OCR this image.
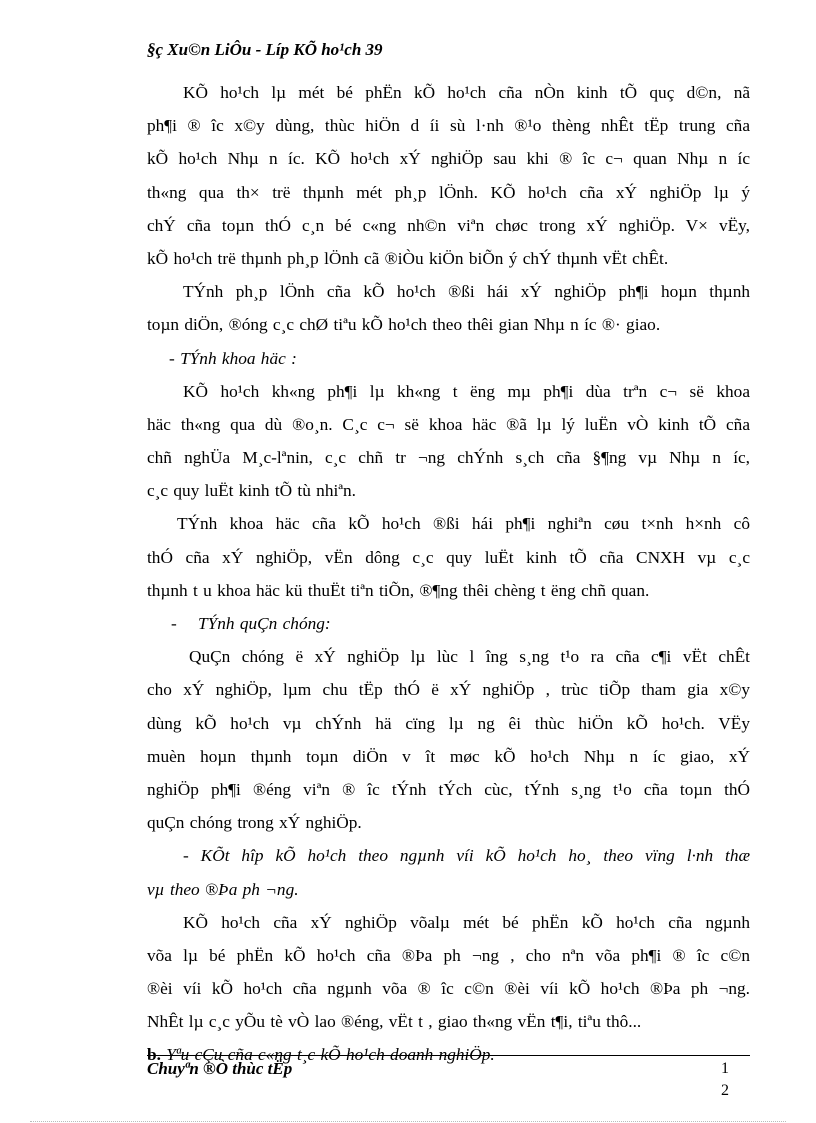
§ç Xu©n LiÔu - Líp KÕ ho¹ch 39
KÕ ho¹ch lµ mét bé phËn kÕ ho¹ch cña nÒn kinh tÕ quç d©n, nã
ph¶i ® îc x©y dùng, thùc hiÖn d íi sù l·nh ®¹o thèng nhÊt tËp trung cña
kÕ ho¹ch Nhµ n íc. KÕ ho¹ch xÝ nghiÖp sau khi ® îc c¬ quan Nhµ n íc
th«ng qua th× trë thµnh mét ph¸p lÖnh. KÕ ho¹ch cña xÝ nghiÖp lµ ý
chÝ cña toµn thÓ c¸n bé c«ng nh©n viªn chøc trong xÝ nghiÖp. V× vËy,
kÕ ho¹ch trë thµnh ph¸p lÖnh cã ®iÒu kiÖn biÕn ý chÝ thµnh vËt chÊt.
TÝnh ph¸p lÖnh cña kÕ ho¹ch ®ßi hái xÝ nghiÖp ph¶i hoµn thµnh
toµn diÖn, ®óng c¸c chØ tiªu kÕ ho¹ch theo thêi gian Nhµ n íc ®· giao.
- TÝnh khoa häc :
KÕ ho¹ch kh«ng ph¶i lµ kh«ng t ëng mµ ph¶i dùa trªn c¬ së khoa
häc th«ng qua dù ®o¸n. C¸c c¬ së khoa häc ®ã lµ lý luËn vÒ kinh tÕ cña
chñ nghÜa M¸c-lªnin, c¸c chñ tr ¬ng chÝnh s¸ch cña §¶ng vµ Nhµ n íc,
c¸c quy luËt kinh tÕ tù nhiªn.
TÝnh khoa häc cña kÕ ho¹ch ®ßi hái ph¶i nghiªn cøu t×nh h×nh cô
thÓ cña xÝ nghiÖp, vËn dông c¸c quy luËt kinh tÕ cña CNXH vµ c¸c
thµnh t u khoa häc kü thuËt tiªn tiÕn, ®¶ng thêi chèng t ëng chñ quan.
-    TÝnh quÇn chóng:
QuÇn chóng ë xÝ nghiÖp lµ lùc l îng s¸ng t¹o ra cña c¶i vËt chÊt
cho xÝ nghiÖp, lµm chu tËp thÓ ë xÝ nghiÖp , trùc tiÕp tham gia x©y
dùng kÕ ho¹ch vµ chÝnh hä cïng lµ ng êi thùc hiÖn kÕ ho¹ch. VËy
muèn hoµn thµnh toµn diÖn v ît møc kÕ ho¹ch Nhµ n íc giao, xÝ
nghiÖp ph¶i ®éng viªn ® îc tÝnh tÝch cùc, tÝnh s¸ng t¹o cña toµn thÓ
quÇn chóng trong xÝ nghiÖp.
- KÕt hîp kÕ ho¹ch theo ngµnh víi kÕ ho¹ch ho¸ theo vïng l·nh thæ
vµ theo ®Þa ph ¬ng.
KÕ ho¹ch cña xÝ nghiÖp võalµ mét bé phËn kÕ ho¹ch cña ngµnh
võa lµ bé phËn kÕ ho¹ch cña ®Þa ph ¬ng , cho nªn võa ph¶i ® îc c©n
®èi víi kÕ ho¹ch cña ngµnh võa ® îc c©n ®èi víi kÕ ho¹ch ®Þa ph ¬ng.
NhÊt lµ c¸c yÕu tè vÒ lao ®éng, vËt t , giao th«ng vËn t¶i, tiªu thô...
b. Yªu cÇu cña c«ng t¸c kÕ ho¹ch doanh nghiÖp.
Chuyªn ®Ò thùc tËp	1 2
